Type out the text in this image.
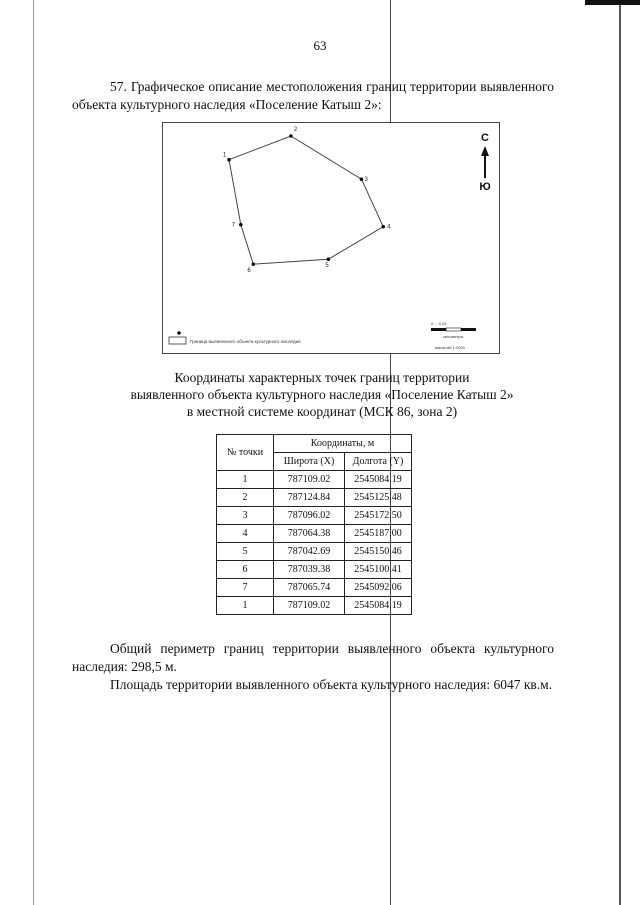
63
57. Графическое описание местоположения границ территории выявленного объекта культурного наследия «Поселение Катыш 2»:
1
2
3
4
5
6
7
С
Ю
Граница выявленного объекта культурного наследия
0 ... 0,04
километры
масштаб 1:2000
Координаты характерных точек границ территории
выявленного объекта культурного наследия «Поселение Катыш 2»
в местной системе координат (МСК 86, зона 2)
№ точки	Координаты, м	
	Широта (X)	Долгота (Y)
1	787109.02	2545084.19
2	787124.84	2545125.48
3	787096.02	2545172.50
4	787064.38	2545187.00
5	787042.69	2545150.46
6	787039.38	2545100.41
7	787065.74	2545092.06
1	787109.02	2545084.19
Общий периметр границ территории выявленного объекта культурного наследия: 298,5 м.
Площадь территории выявленного объекта культурного наследия: 6047 кв.м.
